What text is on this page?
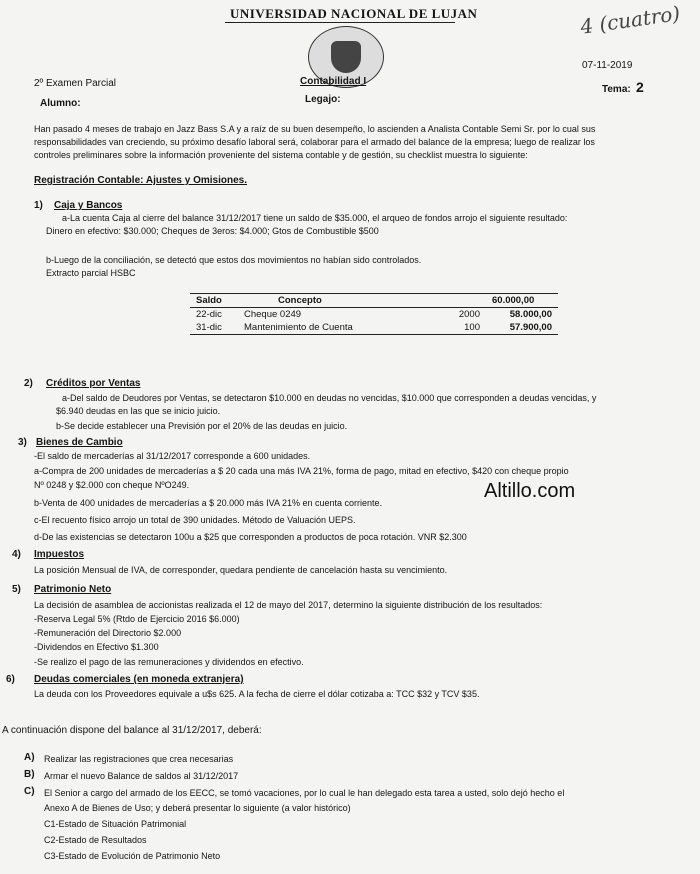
UNIVERSIDAD NACIONAL DE LUJAN	4 (cuatro)
07-11-2019
2º Examen Parcial	Contabilidad I
Alumno:	Legajo:
Tema: 2
Han pasado 4 meses de trabajo en Jazz Bass S.A y a raíz de su buen desempeño, lo ascienden a Analista Contable Semi Sr. por lo cual sus
responsabilidades van creciendo, su próximo desafío laboral será, colaborar para el armado del balance de la empresa; luego de realizar los
controles preliminares sobre la información proveniente del sistema contable y de gestión, su checklist muestra lo siguiente:
Registración Contable: Ajustes y Omisiones.
1) Caja y Bancos
a-La cuenta Caja al cierre del balance 31/12/2017 tiene un saldo de $35.000, el arqueo de fondos arrojo el siguiente resultado:
Dinero en efectivo: $30.000; Cheques de 3eros: $4.000; Gtos de Combustible $500
b-Luego de la conciliación, se detectó que estos dos movimientos no habían sido controlados.
Extracto parcial HSBC
Saldo	Concepto		60.000,00
22-dic	Cheque 0249	2000	58.000,00
31-dic	Mantenimiento de Cuenta	100	57.900,00
2) Créditos por Ventas
a-Del saldo de Deudores por Ventas, se detectaron $10.000 en deudas no vencidas, $10.000 que corresponden a deudas vencidas, y
$6.940 deudas en las que se inicio juicio.
b-Se decide establecer una Previsión por el 20% de las deudas en juicio.
3) Bienes de Cambio
-El saldo de mercaderías al 31/12/2017 corresponde a 600 unidades.
a-Compra de 200 unidades de mercaderías a $ 20 cada una más IVA 21%, forma de pago, mitad en efectivo, $420 con cheque propio
Nº 0248 y $2.000 con cheque NºO249.
b-Venta de 400 unidades de mercaderías a $ 20.000 más IVA 21% en cuenta corriente.
c-El recuento físico arrojo un total de 390 unidades. Método de Valuación UEPS.
d-De las existencias se detectaron 100u a $25 que corresponden a productos de poca rotación. VNR $2.300
Altillo.com
4) Impuestos
La posición Mensual de IVA, de corresponder, quedara pendiente de cancelación hasta su vencimiento.
5) Patrimonio Neto
La decisión de asamblea de accionistas realizada el 12 de mayo del 2017, determino la siguiente distribución de los resultados:
-Reserva Legal 5% (Rtdo de Ejercicio 2016 $6.000)
-Remuneración del Directorio $2.000
-Dividendos en Efectivo $1.300
-Se realizo el pago de las remuneraciones y dividendos en efectivo.
6) Deudas comerciales (en moneda extranjera)
La deuda con los Proveedores equivale a u$s 625. A la fecha de cierre el dólar cotizaba a: TCC $32 y TCV $35.
A continuación dispone del balance al 31/12/2017, deberá:
A) Realizar las registraciones que crea necesarias
B) Armar el nuevo Balance de saldos al 31/12/2017
C) El Senior a cargo del armado de los EECC, se tomó vacaciones, por lo cual le han delegado esta tarea a usted, solo dejó hecho el
Anexo A de Bienes de Uso; y deberá presentar lo siguiente (a valor histórico)
C1-Estado de Situación Patrimonial
C2-Estado de Resultados
C3-Estado de Evolución de Patrimonio Neto
